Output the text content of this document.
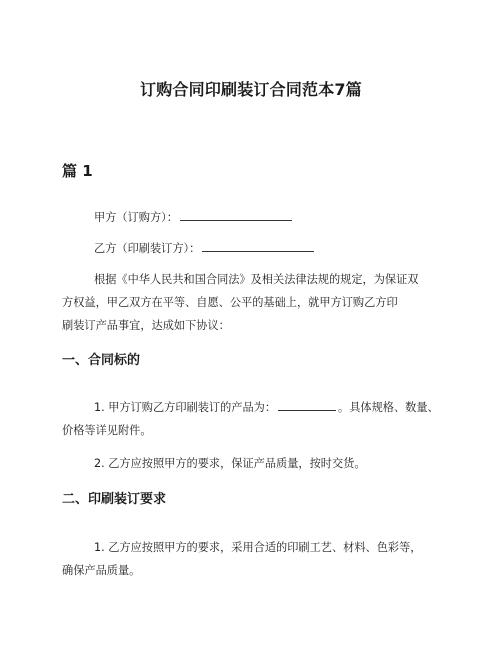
订购合同印刷装订合同范本7篇
篇 1
甲方（订购方）：
乙方（印刷装订方）：
根据《中华人民共和国合同法》及相关法律法规的规定，为保证双
方权益，甲乙双方在平等、自愿、公平的基础上，就甲方订购乙方印
刷装订产品事宜，达成如下协议：
一、合同标的
1. 甲方订购乙方印刷装订的产品为：	。具体规格、数量、
价格等详见附件。
2. 乙方应按照甲方的要求，保证产品质量，按时交货。
二、印刷装订要求
1. 乙方应按照甲方的要求，采用合适的印刷工艺、材料、色彩等，
确保产品质量。
